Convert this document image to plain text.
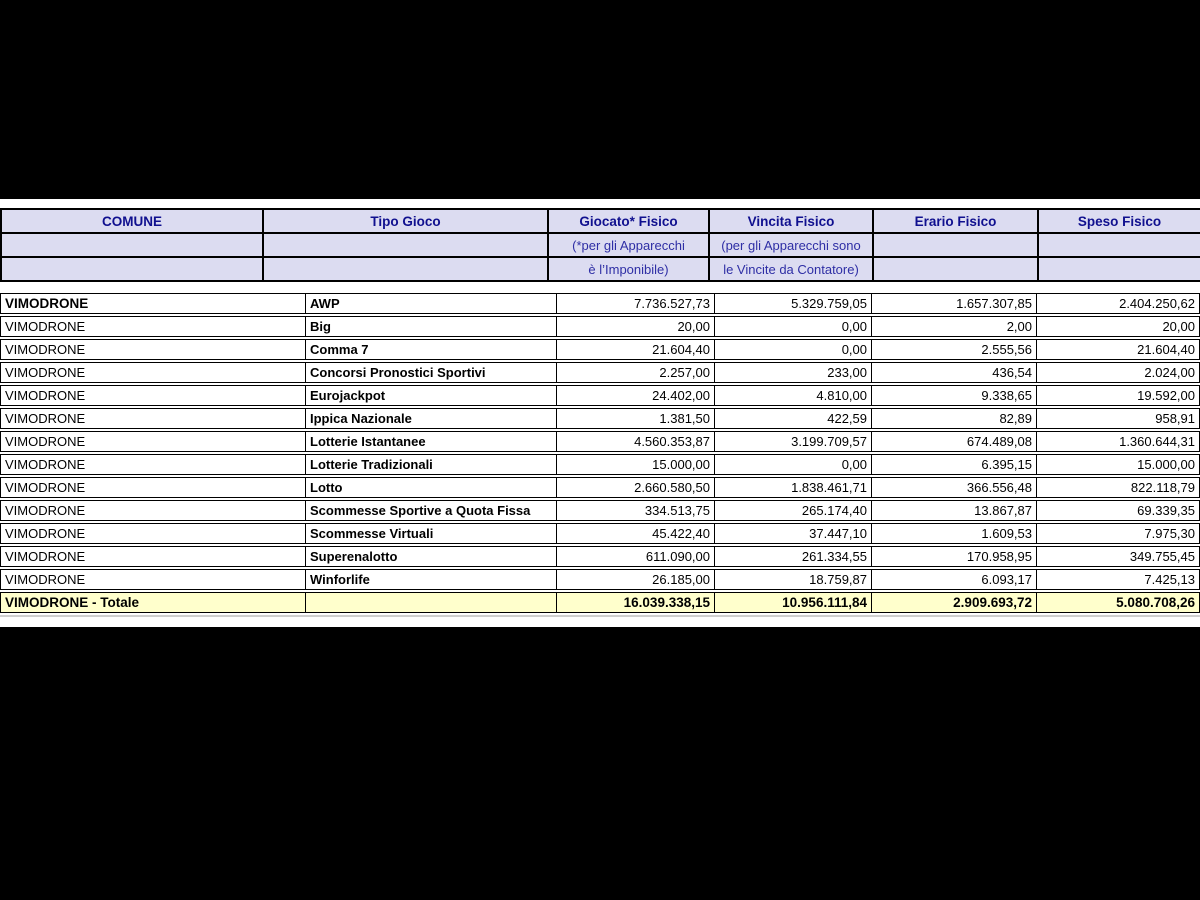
COMUNE	Tipo Gioco	Giocato* Fisico	Vincita Fisico	Erario Fisico	Speso Fisico
		(*per gli Apparecchi	(per gli Apparecchi sono		
		è l’Imponibile)	le Vincite da Contatore)		
VIMODRONE	AWP	7.736.527,73	5.329.759,05	1.657.307,85	2.404.250,62
VIMODRONE	Big	20,00	0,00	2,00	20,00
VIMODRONE	Comma 7	21.604,40	0,00	2.555,56	21.604,40
VIMODRONE	Concorsi Pronostici Sportivi	2.257,00	233,00	436,54	2.024,00
VIMODRONE	Eurojackpot	24.402,00	4.810,00	9.338,65	19.592,00
VIMODRONE	Ippica Nazionale	1.381,50	422,59	82,89	958,91
VIMODRONE	Lotterie Istantanee	4.560.353,87	3.199.709,57	674.489,08	1.360.644,31
VIMODRONE	Lotterie Tradizionali	15.000,00	0,00	6.395,15	15.000,00
VIMODRONE	Lotto	2.660.580,50	1.838.461,71	366.556,48	822.118,79
VIMODRONE	Scommesse Sportive a Quota Fissa	334.513,75	265.174,40	13.867,87	69.339,35
VIMODRONE	Scommesse Virtuali	45.422,40	37.447,10	1.609,53	7.975,30
VIMODRONE	Superenalotto	611.090,00	261.334,55	170.958,95	349.755,45
VIMODRONE	Winforlife	26.185,00	18.759,87	6.093,17	7.425,13
VIMODRONE - Totale		16.039.338,15	10.956.111,84	2.909.693,72	5.080.708,26
